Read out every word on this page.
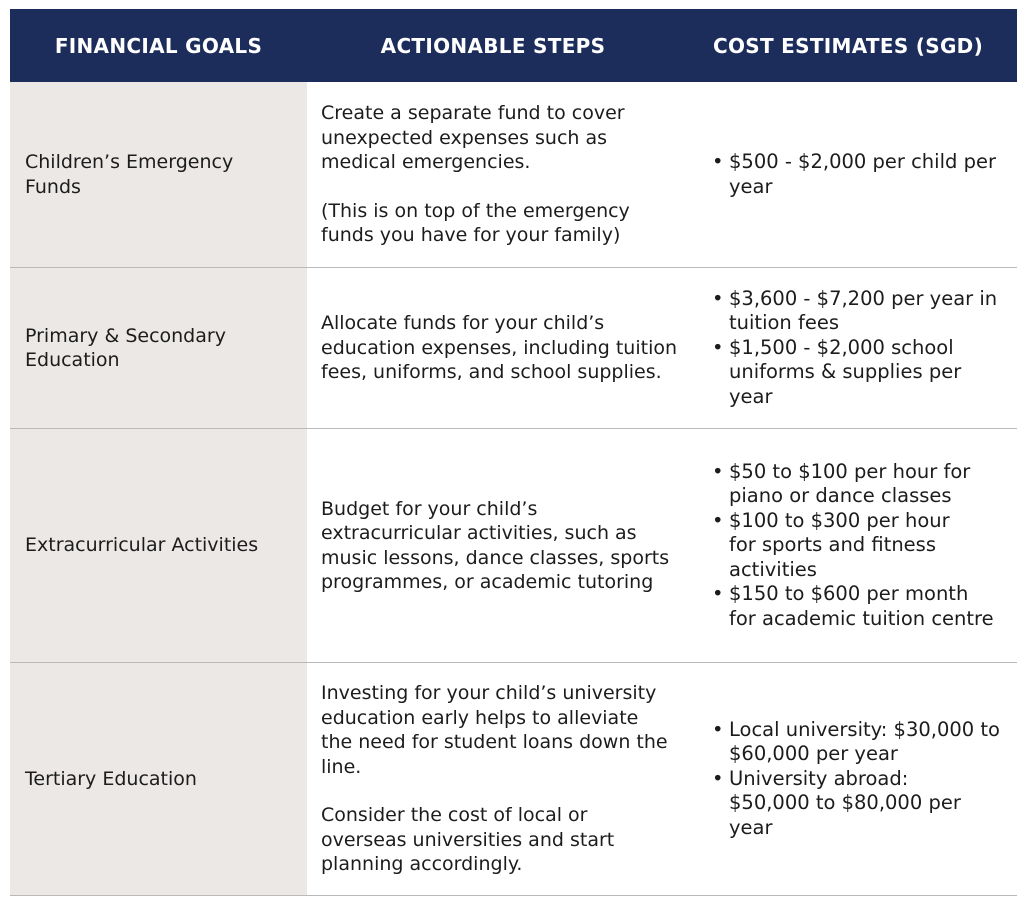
FINANCIAL GOALS	ACTIONABLE STEPS	COST ESTIMATES (SGD)
Children’s Emergency Funds

Create a separate fund to cover unexpected expenses such as medical emergencies.

(This is on top of the emergency funds you have for your family)

• $500 - $2,000 per child per year
Primary & Secondary Education

Allocate funds for your child’s education expenses, including tuition fees, uniforms, and school supplies.

• $3,600 - $7,200 per year in tuition fees
• $1,500 - $2,000 school uniforms & supplies per year
Extracurricular Activities

Budget for your child’s extracurricular activities, such as music lessons, dance classes, sports programmes, or academic tutoring

• $50 to $100 per hour for piano or dance classes
• $100 to $300 per hour for sports and fitness activities
• $150 to $600 per month for academic tuition centre
Tertiary Education

Investing for your child’s university education early helps to alleviate the need for student loans down the line.

Consider the cost of local or overseas universities and start planning accordingly.

• Local university: $30,000 to $60,000 per year
• University abroad: $50,000 to $80,000 per year
